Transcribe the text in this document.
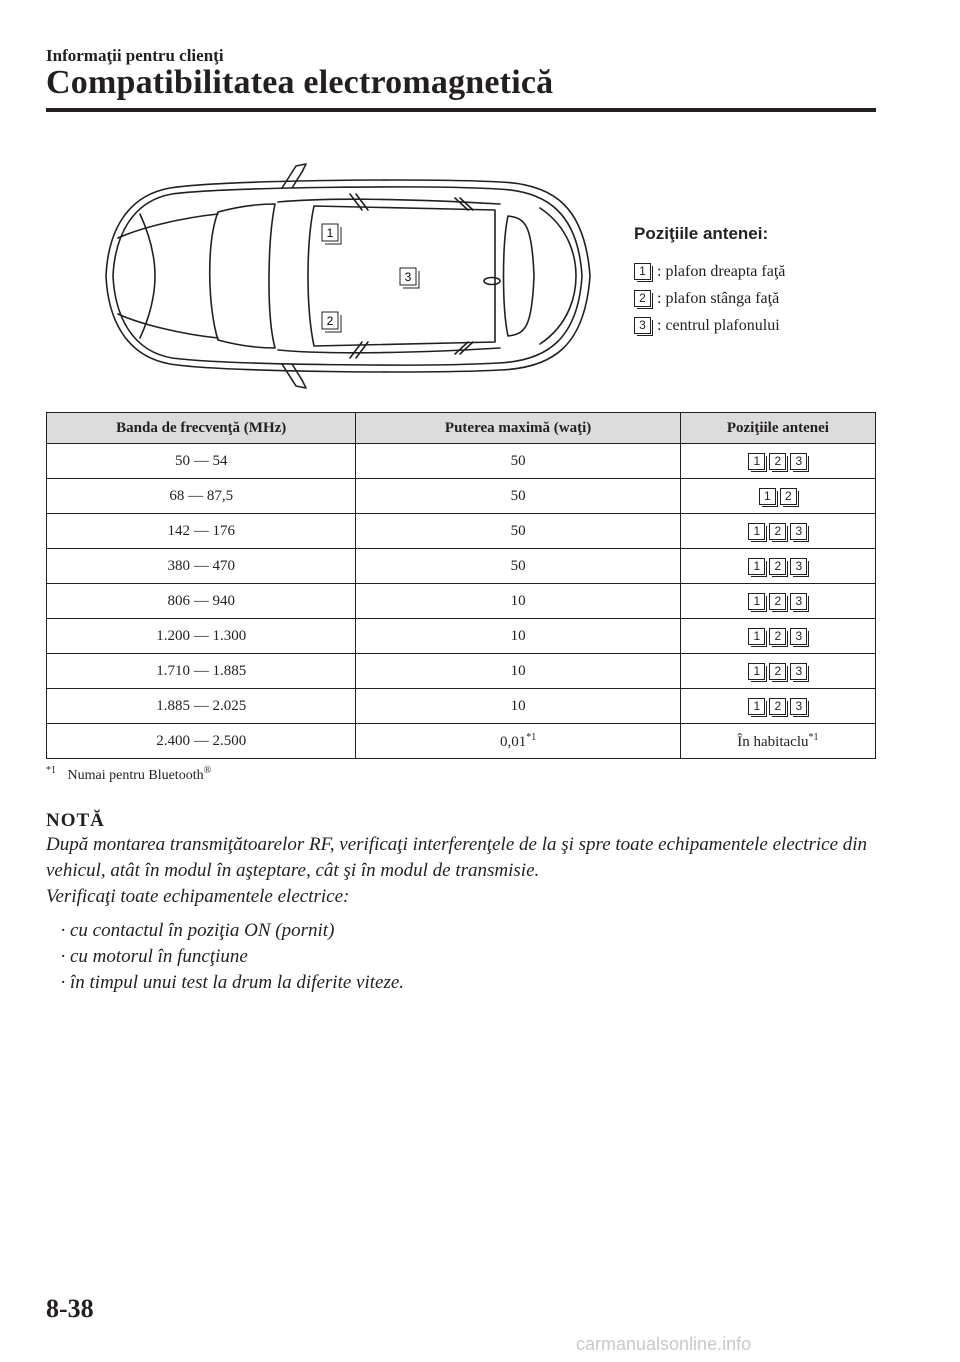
Informaţii pentru clienţi
Compatibilitatea electromagnetică
1
2
3
Poziţiile antenei:
1 : plafon dreapta faţă
2 : plafon stânga faţă
3 : centrul plafonului
Banda de frecvenţă (MHz)	Puterea maximă (waţi)	Poziţiile antenei
50 — 54	50	1 2 3
68 — 87,5	50	1 2
142 — 176	50	1 2 3
380 — 470	50	1 2 3
806 — 940	10	1 2 3
1.200 — 1.300	10	1 2 3
1.710 — 1.885	10	1 2 3
1.885 — 2.025	10	1 2 3
2.400 — 2.500	0,01$^{*1}$	În habitaclu$^{*1}$
$^{*1}$ Numai pentru Bluetooth®
NOTĂ

După montarea transmiţătoarelor RF, verificaţi interferenţele de la şi spre toate echipamentele electrice din vehicul, atât în modul în aşteptare, cât şi în modul de transmisie.

Verificaţi toate echipamentele electrice:

· cu contactul în poziţia ON (pornit)
· cu motorul în funcţiune
· în timpul unui test la drum la diferite viteze.
8-38
carmanualsonline.info
